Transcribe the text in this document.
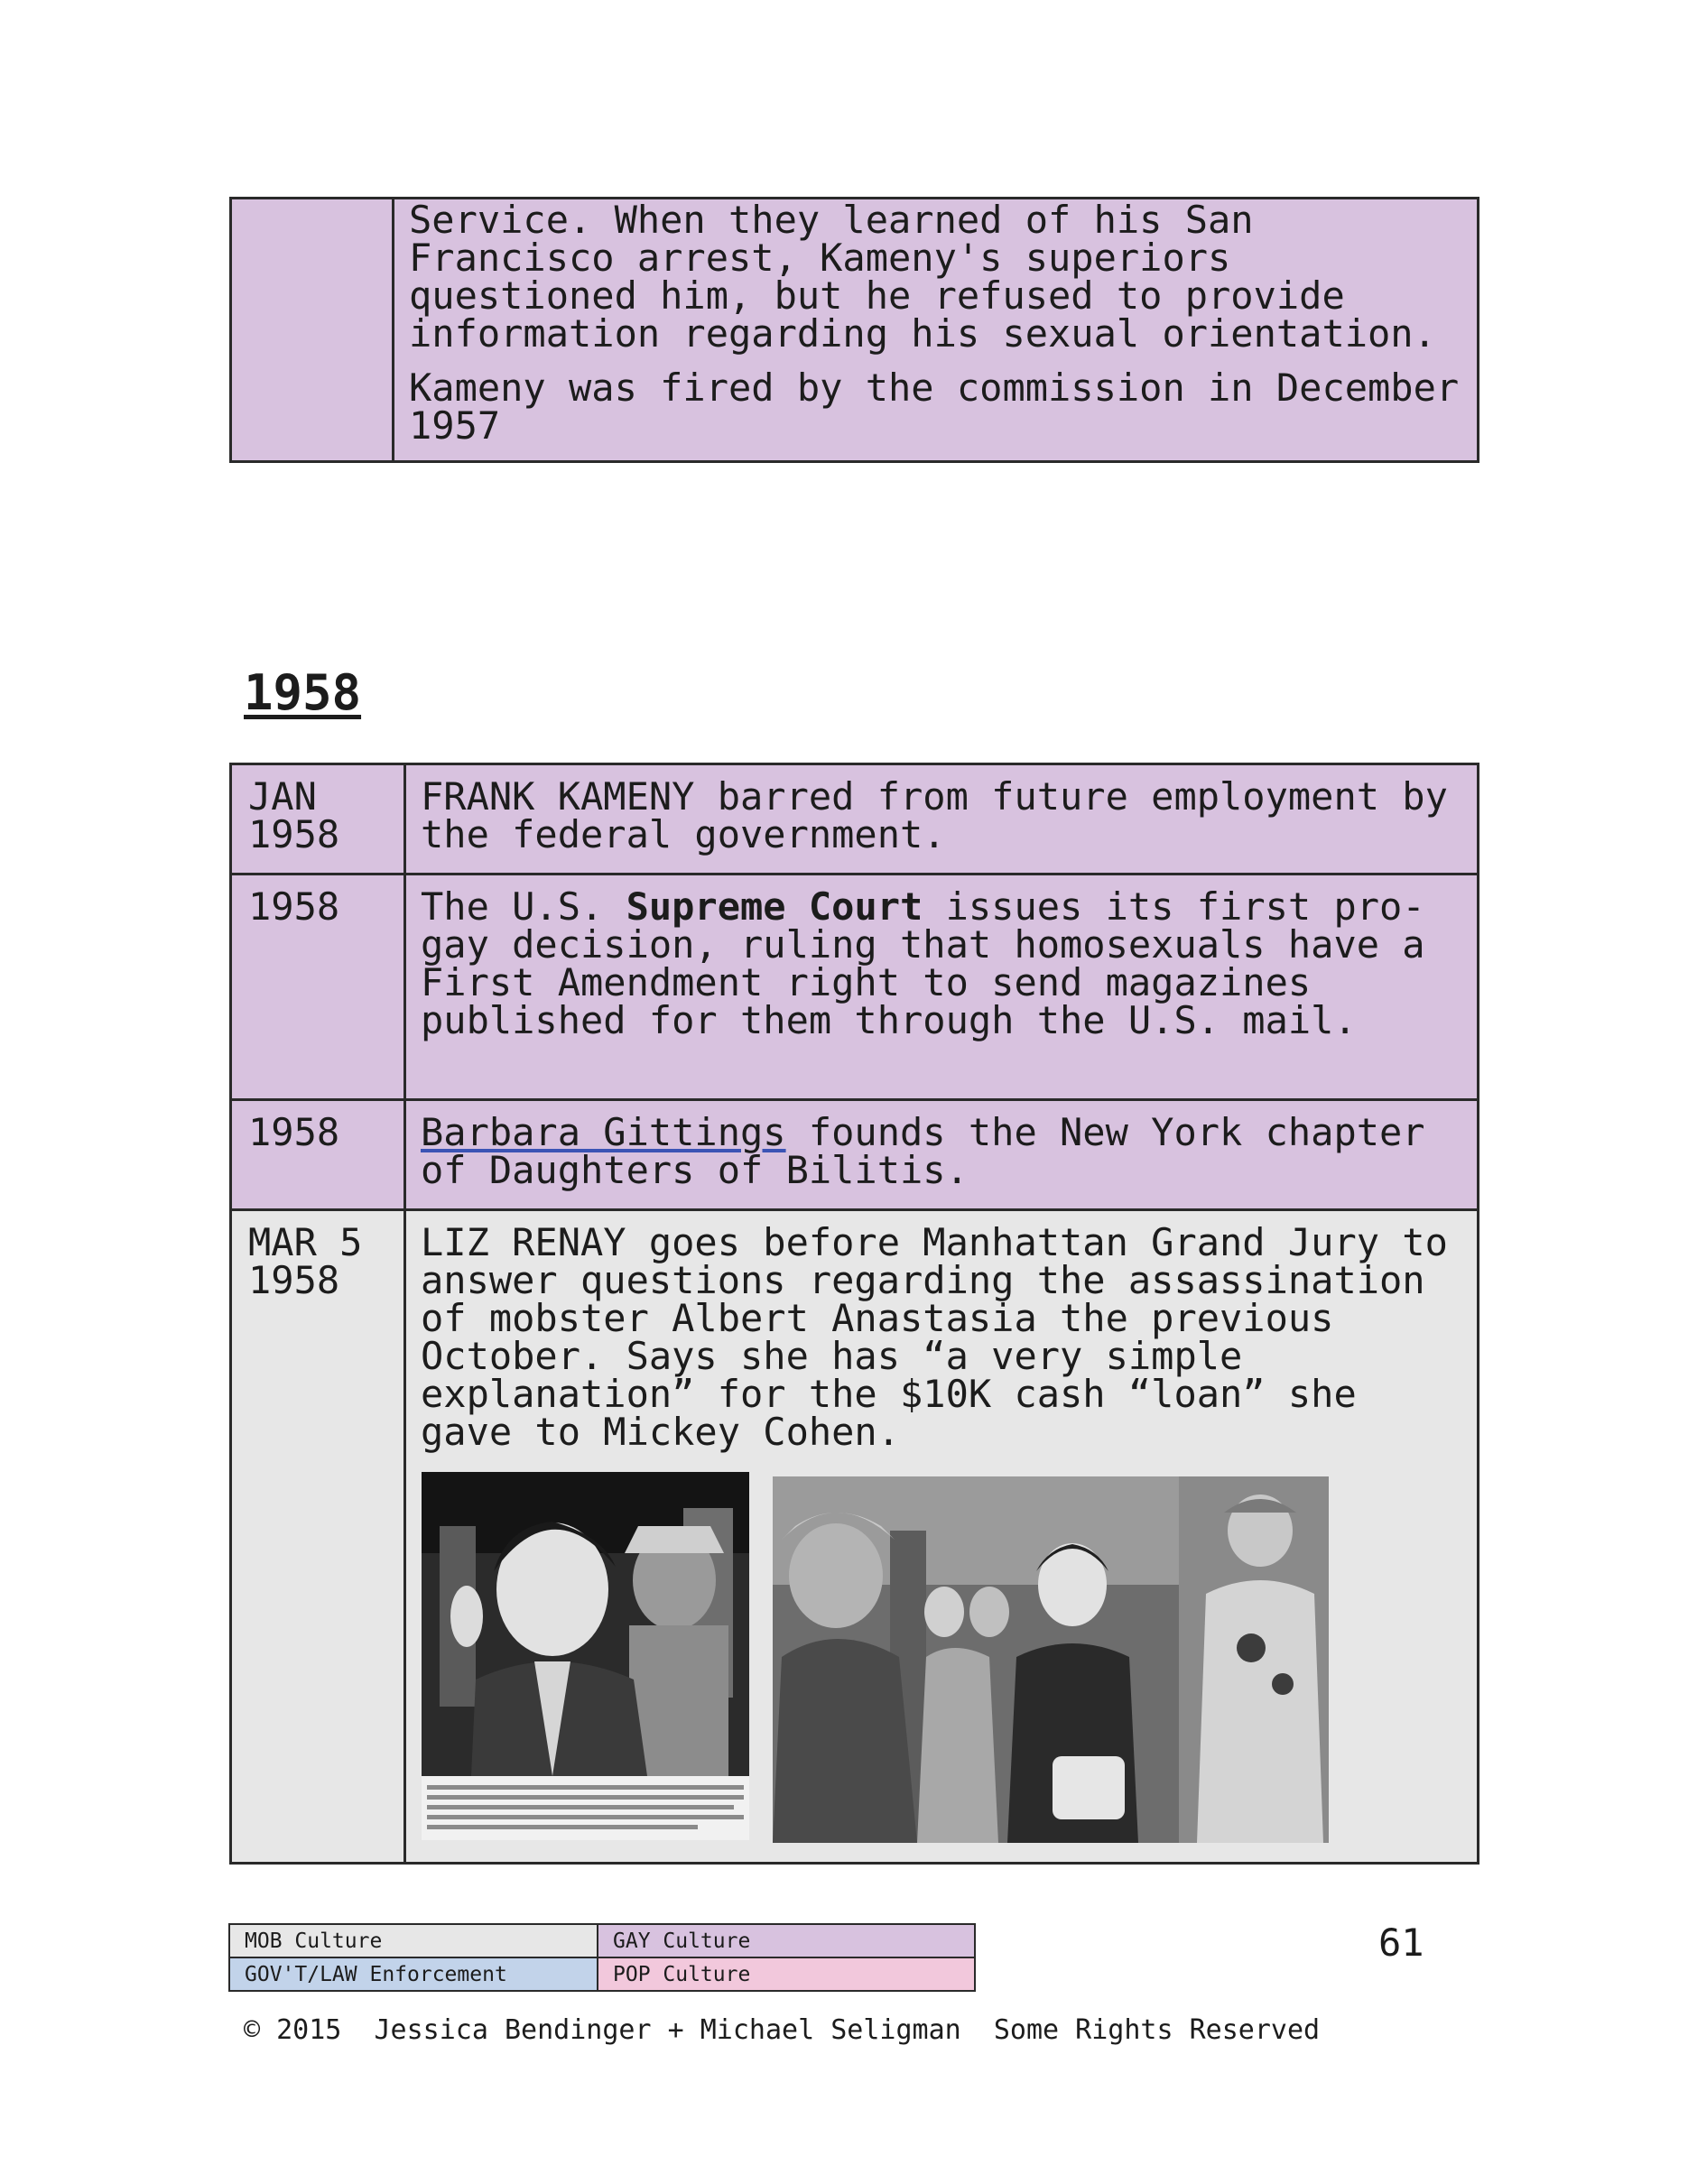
Service. When they learned of his San Francisco arrest, Kameny's superiors questioned him, but he refused to provide information regarding his sexual orientation.

Kameny was fired by the commission in December 1957

1958
JAN 1958	FRANK KAMENY barred from future employment by the federal government.
1958	The U.S. Supreme Court issues its first pro-gay decision, ruling that homosexuals have a First Amendment right to send magazines published for them through the U.S. mail.
1958	Barbara Gittings founds the New York chapter of Daughters of Bilitis.
MAR 5 1958	LIZ RENAY goes before Manhattan Grand Jury to answer questions regarding the assassination of mobster Albert Anastasia the previous October. Says she has “a very simple explanation” for the $10K cash “loan” she gave to Mickey Cohen.
MOB Culture	GAY Culture
GOV'T/LAW Enforcement	POP Culture
61
© 2015  Jessica Bendinger + Michael Seligman  Some Rights Reserved
